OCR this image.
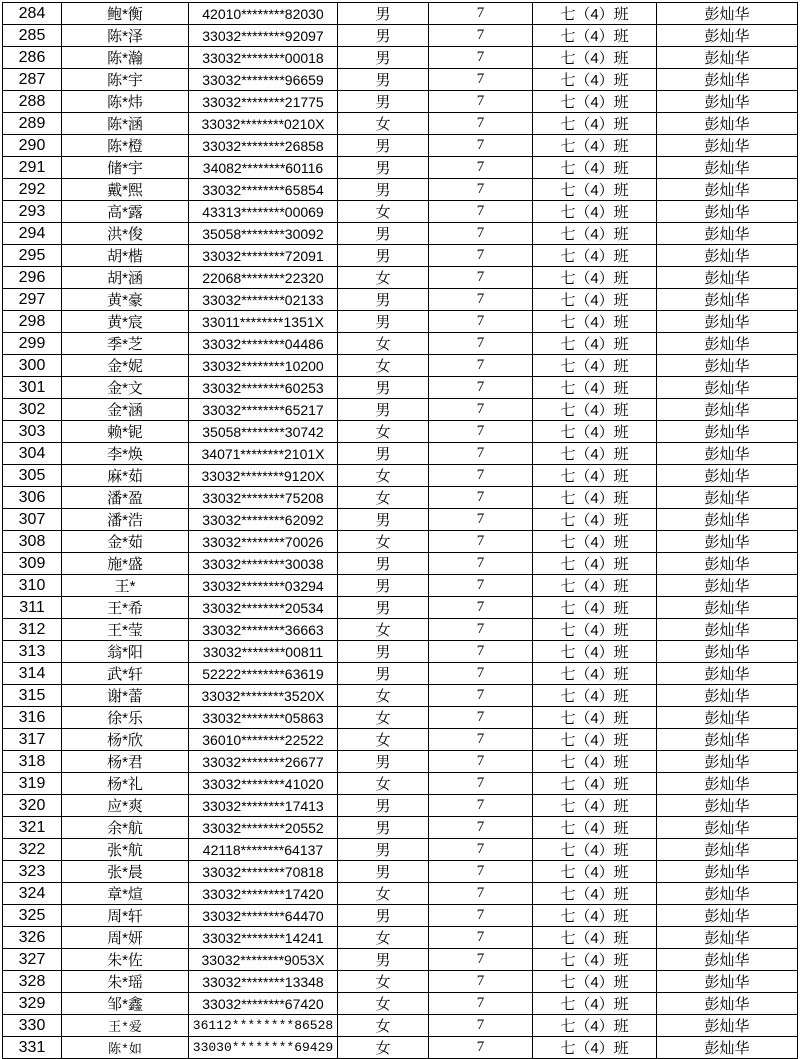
284	鲍*衡	42010********82030	男	7	七（4）班	彭灿华
285	陈*泽	33032********92097	男	7	七（4）班	彭灿华
286	陈*瀚	33032********00018	男	7	七（4）班	彭灿华
287	陈*宇	33032********96659	男	7	七（4）班	彭灿华
288	陈*炜	33032********21775	男	7	七（4）班	彭灿华
289	陈*涵	33032********0210X	女	7	七（4）班	彭灿华
290	陈*橙	33032********26858	男	7	七（4）班	彭灿华
291	储*宇	34082********60116	男	7	七（4）班	彭灿华
292	戴*熙	33032********65854	男	7	七（4）班	彭灿华
293	高*露	43313********00069	女	7	七（4）班	彭灿华
294	洪*俊	35058********30092	男	7	七（4）班	彭灿华
295	胡*楷	33032********72091	男	7	七（4）班	彭灿华
296	胡*涵	22068********22320	女	7	七（4）班	彭灿华
297	黄*豪	33032********02133	男	7	七（4）班	彭灿华
298	黄*宸	33011********1351X	男	7	七（4）班	彭灿华
299	季*芝	33032********04486	女	7	七（4）班	彭灿华
300	金*妮	33032********10200	女	7	七（4）班	彭灿华
301	金*文	33032********60253	男	7	七（4）班	彭灿华
302	金*涵	33032********65217	男	7	七（4）班	彭灿华
303	赖*铌	35058********30742	女	7	七（4）班	彭灿华
304	李*焕	34071********2101X	男	7	七（4）班	彭灿华
305	麻*茹	33032********9120X	女	7	七（4）班	彭灿华
306	潘*盈	33032********75208	女	7	七（4）班	彭灿华
307	潘*浩	33032********62092	男	7	七（4）班	彭灿华
308	金*茹	33032********70026	女	7	七（4）班	彭灿华
309	施*盛	33032********30038	男	7	七（4）班	彭灿华
310	王*	33032********03294	男	7	七（4）班	彭灿华
311	王*希	33032********20534	男	7	七（4）班	彭灿华
312	王*莹	33032********36663	女	7	七（4）班	彭灿华
313	翁*阳	33032********00811	男	7	七（4）班	彭灿华
314	武*轩	52222********63619	男	7	七（4）班	彭灿华
315	谢*蕾	33032********3520X	女	7	七（4）班	彭灿华
316	徐*乐	33032********05863	女	7	七（4）班	彭灿华
317	杨*欣	36010********22522	女	7	七（4）班	彭灿华
318	杨*君	33032********26677	男	7	七（4）班	彭灿华
319	杨*礼	33032********41020	女	7	七（4）班	彭灿华
320	应*爽	33032********17413	男	7	七（4）班	彭灿华
321	余*航	33032********20552	男	7	七（4）班	彭灿华
322	张*航	42118********64137	男	7	七（4）班	彭灿华
323	张*晨	33032********70818	男	7	七（4）班	彭灿华
324	章*煊	33032********17420	女	7	七（4）班	彭灿华
325	周*轩	33032********64470	男	7	七（4）班	彭灿华
326	周*妍	33032********14241	女	7	七（4）班	彭灿华
327	朱*佐	33032********9053X	男	7	七（4）班	彭灿华
328	朱*瑶	33032********13348	女	7	七（4）班	彭灿华
329	邹*鑫	33032********67420	女	7	七（4）班	彭灿华
330	王*爱	36112********86528	女	7	七（4）班	彭灿华
331	陈*如	33030********69429	女	7	七（4）班	彭灿华
